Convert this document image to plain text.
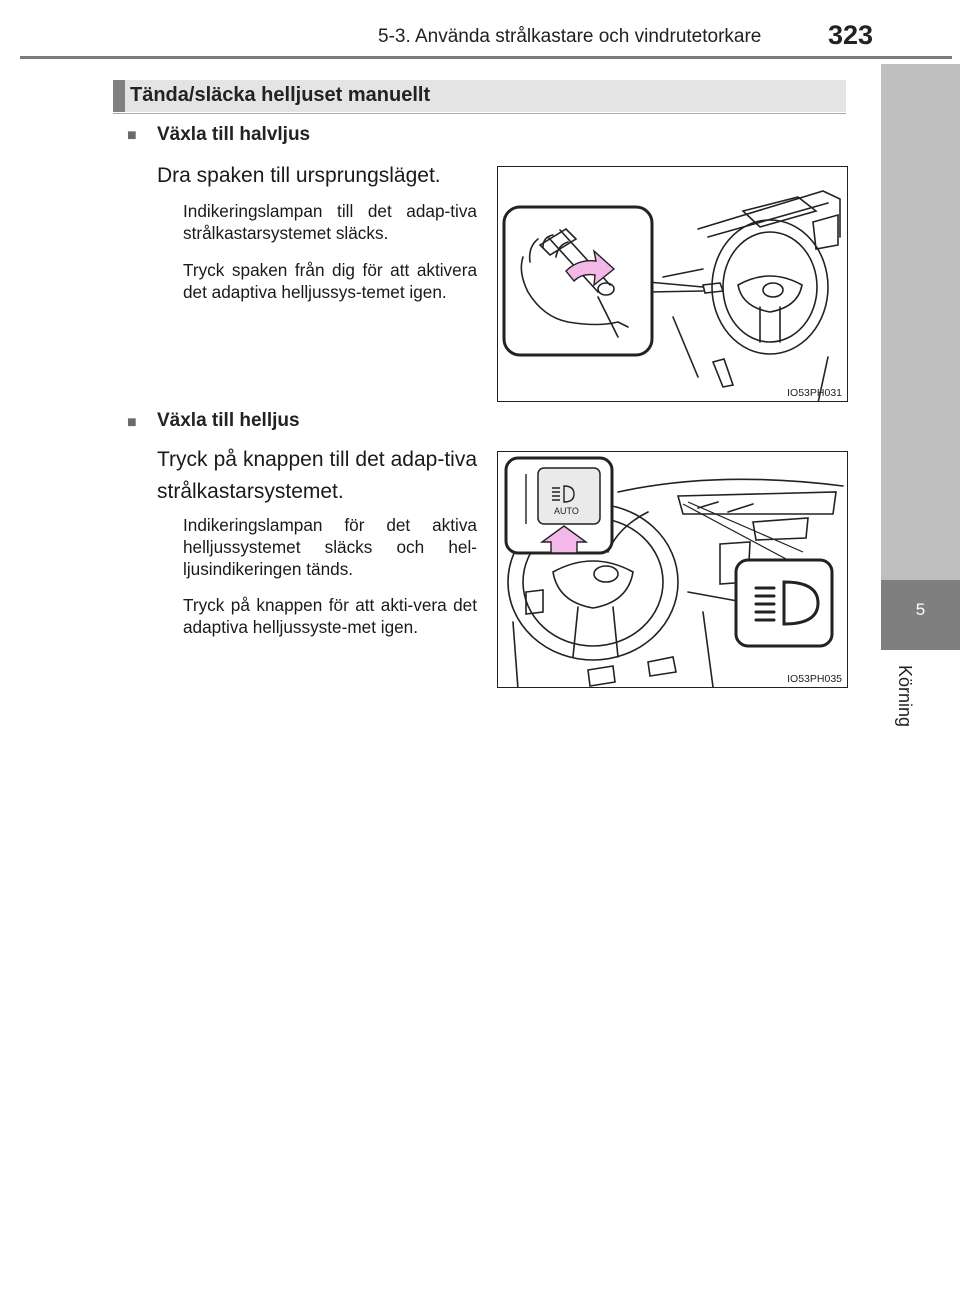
5-3. Använda strålkastare och vindrutetorkare 323
5
Körning
Tända/släcka helljuset manuellt
■ Växla till halvljus
Dra spaken till ursprungsläget.
Indikeringslampan till det adap-tiva strålkastarsystemet släcks.
Tryck spaken från dig för att aktivera det adaptiva helljussys-temet igen.
IO53PH031
■ Växla till helljus
Tryck på knappen till det adap-tiva strålkastarsystemet.
Indikeringslampan för det aktiva helljussystemet släcks och hel-ljusindikeringen tänds.
Tryck på knappen för att akti-vera det adaptiva helljussyste-met igen.
AUTO
IO53PH035
